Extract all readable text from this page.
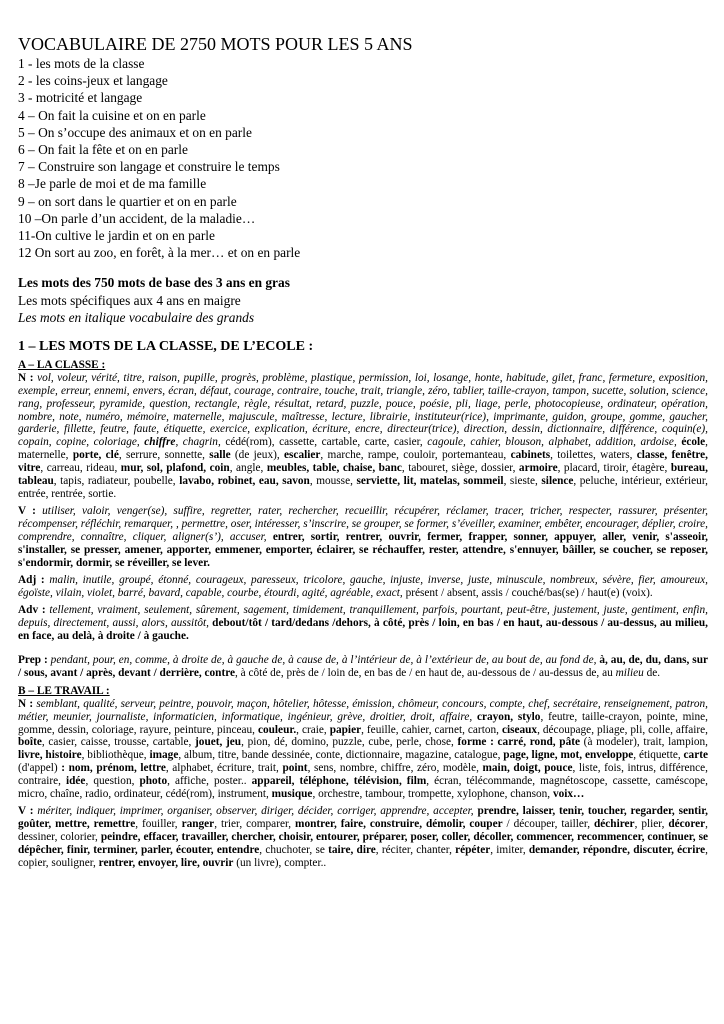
VOCABULAIRE DE 2750 MOTS POUR LES 5 ANS
1 - les mots de la classe
2 - les coins-jeux et langage
3 - motricité et langage
4 – On fait la cuisine et on en parle
5 – On s’occupe des animaux et on en parle
6 – On fait la fête et on en parle
7 – Construire son langage et construire le temps
8 –Je parle de moi et de ma famille
9 – on sort dans le quartier et on en parle
10 –On parle d’un accident, de la maladie…
11-On cultive le jardin et on en parle
12 On sort au zoo, en forêt, à la mer… et on en parle
Les mots des 750 mots de base des 3 ans en gras
Les mots spécifiques aux 4 ans en maigre
Les mots en italique vocabulaire des grands
1 – LES MOTS DE LA CLASSE, DE L’ECOLE :
A – LA CLASSE :

N : vol, voleur, vérité, titre, raison, pupille, progrès, problème, plastique, permission, loi, losange, honte, habitude, gilet, franc, fermeture, exposition, exemple, erreur, ennemi, envers, écran, défaut, courage, contraire, touche, trait, triangle, zéro, tablier, taille-crayon, tampon, sucette, solution, science, rang, professeur, pyramide, question, rectangle, règle, résultat, retard, puzzle, pouce, poésie, pli, liage, perle, photocopieuse, ordinateur, opération, nombre, note, numéro, mémoire, maternelle, majuscule, maîtresse, lecture, librairie, instituteur(rice), imprimante, guidon, groupe, gomme, gaucher, garderie, fillette, feutre, faute, étiquette, exercice, explication, écriture, encre, directeur(trice), direction, dessin, dictionnaire, différence, coquin(e), copain, copine, coloriage, chiffre, chagrin, cédé(rom), cassette, cartable, carte, casier, cagoule, cahier, blouson, alphabet, addition, ardoise, école, maternelle, porte, clé, serrure, sonnette, salle (de jeux), escalier, marche, rampe, couloir, portemanteau, cabinets, toilettes, waters, classe, fenêtre, vitre, carreau, rideau, mur, sol, plafond, coin, angle, meubles, table, chaise, banc, tabouret, siège, dossier, armoire, placard, tiroir, étagère, bureau, tableau, tapis, radiateur, poubelle, lavabo, robinet, eau, savon, mousse, serviette, lit, matelas, sommeil, sieste, silence, peluche, intérieur, extérieur, entrée, rentrée, sortie.

V : utiliser, valoir, venger(se), suffire, regretter, rater, rechercher, recueillir, récupérer, réclamer, tracer, tricher, respecter, rassurer, présenter, récompenser, réfléchir, remarquer, , permettre, oser, intéresser, s’inscrire, se grouper, se former, s’éveiller, examiner, embêter, encourager, déplier, croire, comprendre, connaître, cliquer, aligner(s’), accuser, entrer, sortir, rentrer, ouvrir, fermer, frapper, sonner, appuyer, aller, venir, s'asseoir, s'installer, se presser, amener, apporter, emmener, emporter, éclairer, se réchauffer, rester, attendre, s'ennuyer, bâiller, se coucher, se reposer, s'endormir, dormir, se réveiller, se lever.

Adj : malin, inutile, groupé, étonné, courageux, paresseux, tricolore, gauche, injuste, inverse, juste, minuscule, nombreux, sévère, fier, amoureux, égoïste, vilain, violet, barré, bavard, capable, courbe, étourdi, agité, agréable, exact, présent / absent, assis / couché/bas(se) / haut(e) (voix).

Adv : tellement, vraiment, seulement, sûrement, sagement, timidement, tranquillement, parfois, pourtant, peut-être, justement, juste, gentiment, enfin, depuis, directement, aussi, alors, aussitôt, debout/tôt / tard/dedans /dehors, à côté, près / loin, en bas / en haut, au-dessous / au-dessus, au milieu, en face, au delà, à droite / à gauche.

Prep : pendant, pour, en, comme, à droite de, à gauche de, à cause de, à l’intérieur de, à l’extérieur de, au bout de, au fond de, à, au, de, du, dans, sur / sous, avant / après, devant / derrière, contre, à côté de, près de / loin de, en bas de / en haut de, au-dessous de / au-dessus de, au milieu de.

B – LE TRAVAIL :

N : semblant, qualité, serveur, peintre, pouvoir, maçon, hôtelier, hôtesse, émission, chômeur, concours, compte, chef, secrétaire, renseignement, patron, métier, meunier, journaliste, informaticien, informatique, ingénieur, grève, droitier, droit, affaire, crayon, stylo, feutre, taille-crayon, pointe, mine, gomme, dessin, coloriage, rayure, peinture, pinceau, couleur., craie, papier, feuille, cahier, carnet, carton, ciseaux, découpage, pliage, pli, colle, affaire, boîte, casier, caisse, trousse, cartable, jouet, jeu, pion, dé, domino, puzzle, cube, perle, chose, forme : carré, rond, pâte (à modeler), trait, lampion, livre, histoire, bibliothèque, image, album, titre, bande dessinée, conte, dictionnaire, magazine, catalogue, page, ligne, mot, enveloppe, étiquette, carte (d'appel) : nom, prénom, lettre, alphabet, écriture, trait, point, sens, nombre, chiffre, zéro, modèle, main, doigt, pouce, liste, fois, intrus, différence, contraire, idée, question, photo, affiche, poster.. appareil, téléphone, télévision, film, écran, télécommande, magnétoscope, cassette, caméscope, micro, chaîne, radio, ordinateur, cédé(rom), instrument, musique, orchestre, tambour, trompette, xylophone, chanson, voix…

V : mériter, indiquer, imprimer, organiser, observer, diriger, décider, corriger, apprendre, accepter, prendre, laisser, tenir, toucher, regarder, sentir, goûter, mettre, remettre, fouiller, ranger, trier, comparer, montrer, faire, construire, démolir, couper / découper, tailler, déchirer, plier, décorer, dessiner, colorier, peindre, effacer, travailler, chercher, choisir, entourer, préparer, poser, coller, décoller, commencer, recommencer, continuer, se dépêcher, finir, terminer, parler, écouter, entendre, chuchoter, se taire, dire, réciter, chanter, répéter, imiter, demander, répondre, discuter, écrire, copier, souligner, rentrer, envoyer, lire, ouvrir (un livre), compter..
